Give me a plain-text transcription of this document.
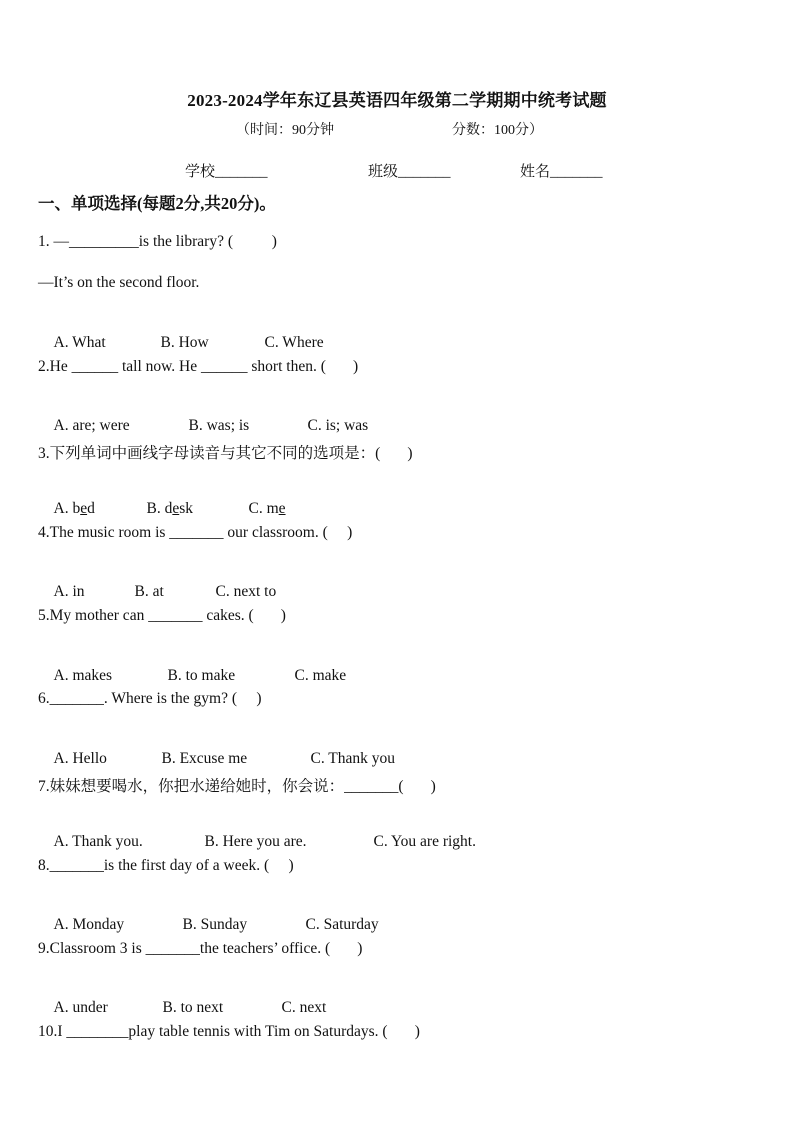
2023-2024学年东辽县英语四年级第二学期期中统考试题
（时间：90分钟	分数：100分）
学校_______	班级_______	姓名_______
一、单项选择(每题2分,共20分)。
1. —_________is the library? (          )
—It’s on the second floor.

A. What	B. How	C. Where

2.He ______ tall now. He ______ short then. (       )

A. are; were	B. was; is	C. is; was

3.下列单词中画线字母读音与其它不同的选项是：(       )

A. bed	B. desk	C. me

4.The music room is _______ our classroom. (     )

A. in	B. at	C. next to

5.My mother can _______ cakes. (       )

A. makes	B. to make	C. make

6._______. Where is the gym? (     )

A. Hello	B. Excuse me	C. Thank you

7.妹妹想要喝水，你把水递给她时，你会说：_______(       )

A. Thank you.	B. Here you are.	C. You are right.

8._______is the first day of a week. (     )

A. Monday	B. Sunday	C. Saturday

9.Classroom 3 is _______the teachers’ office. (       )

A. under	B. to next	C. next

10.I ________play table tennis with Tim on Saturdays. (       )
